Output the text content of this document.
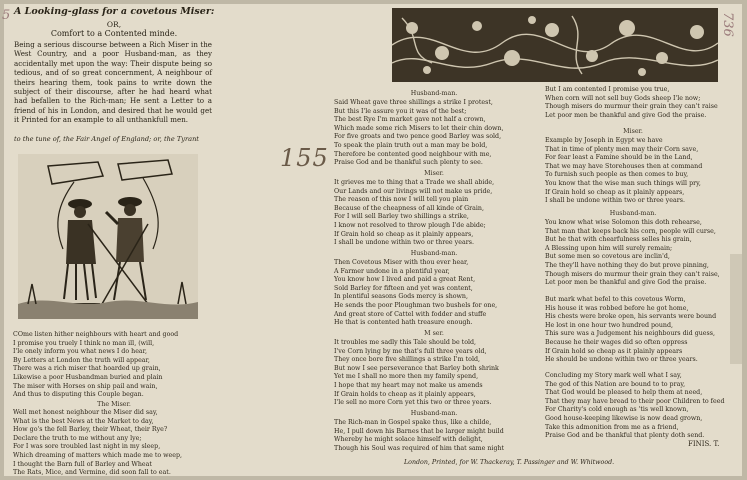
5 A Looking-glass for a covetous Miser:
OR,
Comfort to a Contented minde.
Being a serious discourse between a Rich Miser in the West Country, and a poor Husband-man, as they accidentally met upon the way: Their dispute being so tedious, and of so great concernment, A neighbour of theirs hearing them, took pains to write down the subject of their discourse, after he had heard what had befallen to the Rich-man; He sent a Letter to a friend of his in London, and desired that he would get it Printed for an example to all unthankfull men.
to the tune of, the Fair Angel of England; or, the Tyrant
COme listen hither neighbours with heart and good
I promise you truely I think no man ill, (will,
I'le onely inform you what news I do hear,
By Letters at London the truth will appear,
There was a rich miser that hoarded up grain,
Likewise a poor Husbandman buried and plain
The miser with Horses on ship pail and wain,
And thus to disputing this Couple began.
The Miser.
Well met honest neighbour the Miser did say,
What is the best News at the Market to day,
How go's the fell Barley, their Wheat, their Rye?
Declare the truth to me without any lye;
For I was sore troubled last night in my sleep,
Which dreaming of matters which made me to weep,
I thought the Barn full of Barley and Wheat
The Rats, Mice, and Vermine, did soon fall to eat.
155
Husband-man.
Said Wheat gave three shillings a strike I protest,
But this I'le assure you it was of the best;
The best Rye I'm market gave not half a crown,
Which made some rich Misers to let their chin down,
For five groats and two pence good Barley was sold,
To speak the plain truth out a man may be bold,
Therefore be contented good neighbour with me,
Praise God and be thankful such plenty to see.
Miser.
It grieves me to thing that a Trade we shall abide,
Our Lands and our livings will not make us pride,
The reason of this now I will tell you plain
Because of the cheapness of all kinde of Grain,
For I will sell Barley two shillings a strike,
I know not resolved to throw plough I'de abide;
If Grain hold so cheap as it plainly appears,
I shall be undone within two or three years.
Husband-man.
Then Covetous Miser with thou ever hear,
A Farmer undone in a plentiful year,
You know how I lived and paid a great Rent,
Sold Barley for fifteen and yet was content,
In plentiful seasons Gods mercy is shown,
He sends the poor Ploughman two bushels for one,
And great store of Cattel with fodder and stuffe
He that is contented hath treasure enough.
M ser.
It troubles me sadly this Tale should be told,
I've Corn lying by me that's full three years old,
They once bore five shillings a strike I'm told,
But now I see perseverance that Barley both shrink
Yet me I shall no more then my family spend,
I hope that my heart may not make us amends
If Grain holds to cheap as it plainly appears,
I'le sell no more Corn yet this two or three years.
Husband-man.
The Rich-man in Gospel spake thus, like a childe,
He, I pull down his Barnes that be larger might build
Whereby he might solace himself with delight,
Though his Soul was required of him that same night
London, Printed, for W. Thackeray, T. Passinger and W. Whitwood.
736
But I am contented I promise you true,
When corn will not sell buy Gods sheep I'le now;
Though misers do murmur their grain they can't raise
Let poor men be thankful and give God the praise.
Miser.
Example by Joseph in Egypt we have
That in time of plenty men may their Corn save,
For fear least a Famine should be in the Land,
That we may have Storehouses then at command
To furnish such people as then comes to buy,
You know that the wise man such things will pry,
If Grain hold so cheap as it plainly appears,
I shall be undone within two or three years.
Husband-man.
You know what wise Solomon this doth rehearse,
That man that keeps back his corn, people will curse,
But he that with chearfulness selles his grain,
A Blessing upon him will surely remain;
But some men so covetous are inclin'd,
The they'll have nothing they do but prove pinning,
Though misers do murmur their grain they can't raise,
Let poor men be thankful and give God the praise.
But mark what befel to this covetous Worm,
His house it was robbed before he got home,
His chests were broke open, his servants were bound
He lost in one hour two hundred pound,
This sure was a Judgement his neighbours did guess,
Because he their wages did so often oppress
If Grain hold so cheap as it plainly appears
He should be undone within two or three years.
Concluding my Story mark well what I say,
The god of this Nation are bound to to pray,
That God would be pleased to help them at need,
That they may have bread to their poor Children to feed
For Charity's cold enough as 'tis well known,
Good house-keeping likewise is now dead grown,
Take this admonition from me as a friend,
Praise God and be thankful that plenty doth send.
FINIS. T.
